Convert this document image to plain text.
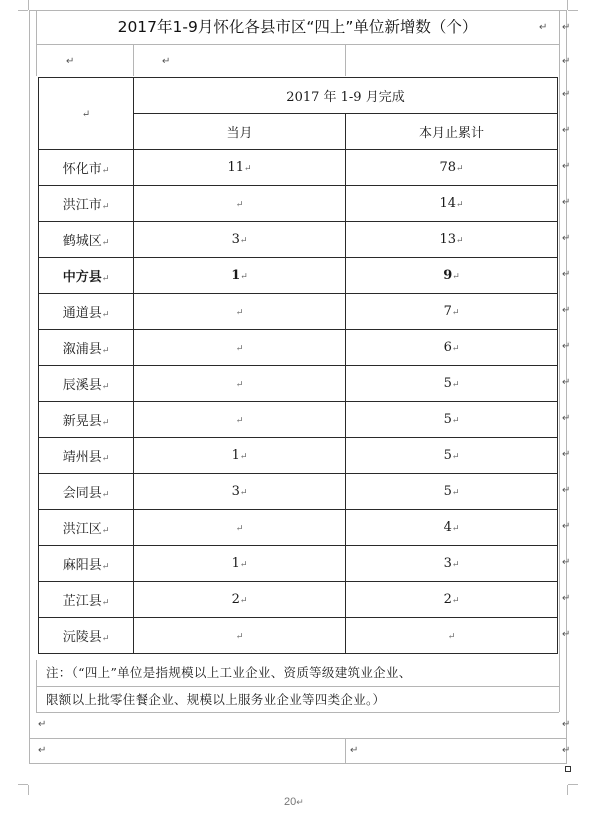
2017年1-9月怀化各县市区“四上”单位新增数（个）	↵
↵	↵	↵
↵
↵	2017 年 1-9 月完成	
	当月	本月止累计
怀化市↵	11↵	78↵
洪江市↵	↵	14↵
鹤城区↵	3↵	13↵
中方县↵	1↵	9↵
通道县↵	↵	7↵
溆浦县↵	↵	6↵
辰溪县↵	↵	5↵
新晃县↵	↵	5↵
靖州县↵	1↵	5↵
会同县↵	3↵	5↵
洪江区↵	↵	4↵
麻阳县↵	1↵	3↵
芷江县↵	2↵	2↵
沅陵县↵	↵	↵
↵
↵
↵
↵
↵
↵
↵
↵
↵
↵
↵
↵
↵
↵
↵
↵
注：（“四上”单位是指规模以上工业企业、资质等级建筑业企业、
限额以上批零住餐企业、规模以上服务业企业等四类企业。）
↵
↵	↵
↵
↵
20↵
